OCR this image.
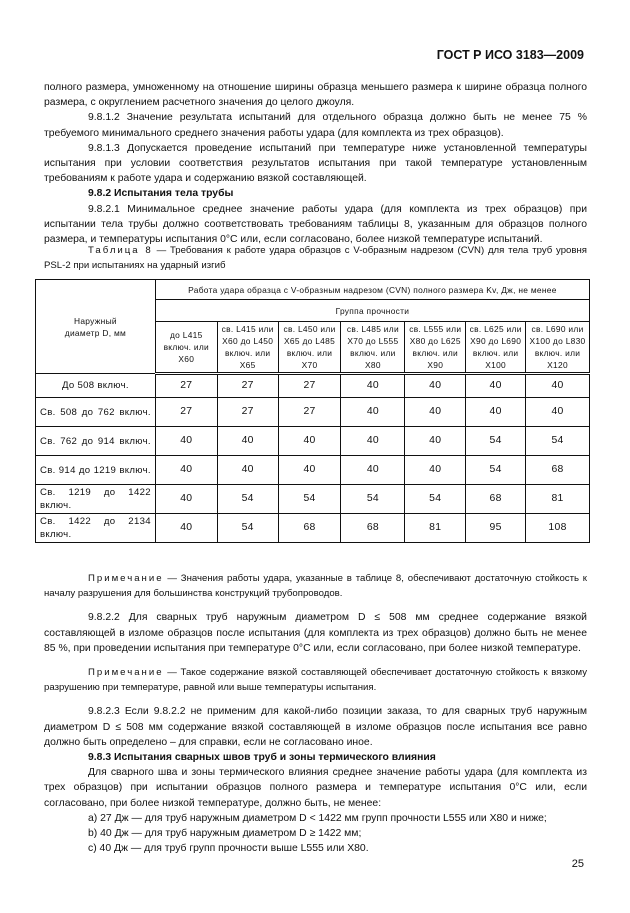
ГОСТ Р ИСО 3183—2009

полного размера, умноженному на отношение ширины образца меньшего размера к ширине образца полного размера, с округлением расчетного значения до целого джоуля.

9.8.1.2 Значение результата испытаний для отдельного образца должно быть не менее 75 % требуемого минимального среднего значения работы удара (для комплекта из трех образцов).

9.8.1.3 Допускается проведение испытаний при температуре ниже установленной температуры испытания при условии соответствия результатов испытания при такой температуре установленным требованиям к работе удара и содержанию вязкой составляющей.

9.8.2 Испытания тела трубы

9.8.2.1 Минимальное среднее значение работы удара (для комплекта из трех образцов) при испытании тела трубы должно соответствовать требованиям таблицы 8, указанным для образцов полного размера, и температуры испытания 0°C или, если согласовано, более низкой температуре испытаний.

Таблица 8 — Требования к работе удара образцов с V-образным надрезом (CVN) для тела труб уровня PSL-2 при испытаниях на ударный изгиб

Наружный диаметр D, мм	Работа удара образца с V-образным надрезом (CVN) полного размера Kv, Дж, не менее						
	Группа прочности						
	до L415 включ. или X60	св. L415 или X60 до L450 включ. или X65	св. L450 или X65 до L485 включ. или X70	св. L485 или X70 до L555 включ. или X80	св. L555 или X80 до L625 включ. или X90	св. L625 или X90 до L690 включ. или X100	св. L690 или X100 до L830 включ. или X120
До 508 включ.	27	27	27	40	40	40	40
Св. 508 до 762 включ.	27	27	27	40	40	40	40
Св. 762 до 914 включ.	40	40	40	40	40	54	54
Св. 914 до 1219 включ.	40	40	40	40	40	54	68
Св. 1219 до 1422 включ.	40	54	54	54	54	68	81
Св. 1422 до 2134 включ.	40	54	68	68	81	95	108

Примечание — Значения работы удара, указанные в таблице 8, обеспечивают достаточную стойкость к началу разрушения для большинства конструкций трубопроводов.

9.8.2.2 Для сварных труб наружным диаметром D ≤ 508 мм среднее содержание вязкой составляющей в изломе образцов после испытания (для комплекта из трех образцов) должно быть не менее 85 %, при проведении испытания при температуре 0°C или, если согласовано, при более низкой температуре.

Примечание — Такое содержание вязкой составляющей обеспечивает достаточную стойкость к вязкому разрушению при температуре, равной или выше температуры испытания.

9.8.2.3 Если 9.8.2.2 не применим для какой-либо позиции заказа, то для сварных труб наружным диаметром D ≤ 508 мм содержание вязкой составляющей в изломе образцов после испытания все равно должно быть определено – для справки, если не согласовано иное.

9.8.3 Испытания сварных швов труб и зоны термического влияния

Для сварного шва и зоны термического влияния среднее значение работы удара (для комплекта из трех образцов) при испытании образцов полного размера и температуре испытания 0°C или, если согласовано, при более низкой температуре, должно быть, не менее:

a) 27 Дж — для труб наружным диаметром D < 1422 мм групп прочности L555 или X80 и ниже;

b) 40 Дж — для труб наружным диаметром D ≥ 1422 мм;

c) 40 Дж — для труб групп прочности выше L555 или X80.

25
